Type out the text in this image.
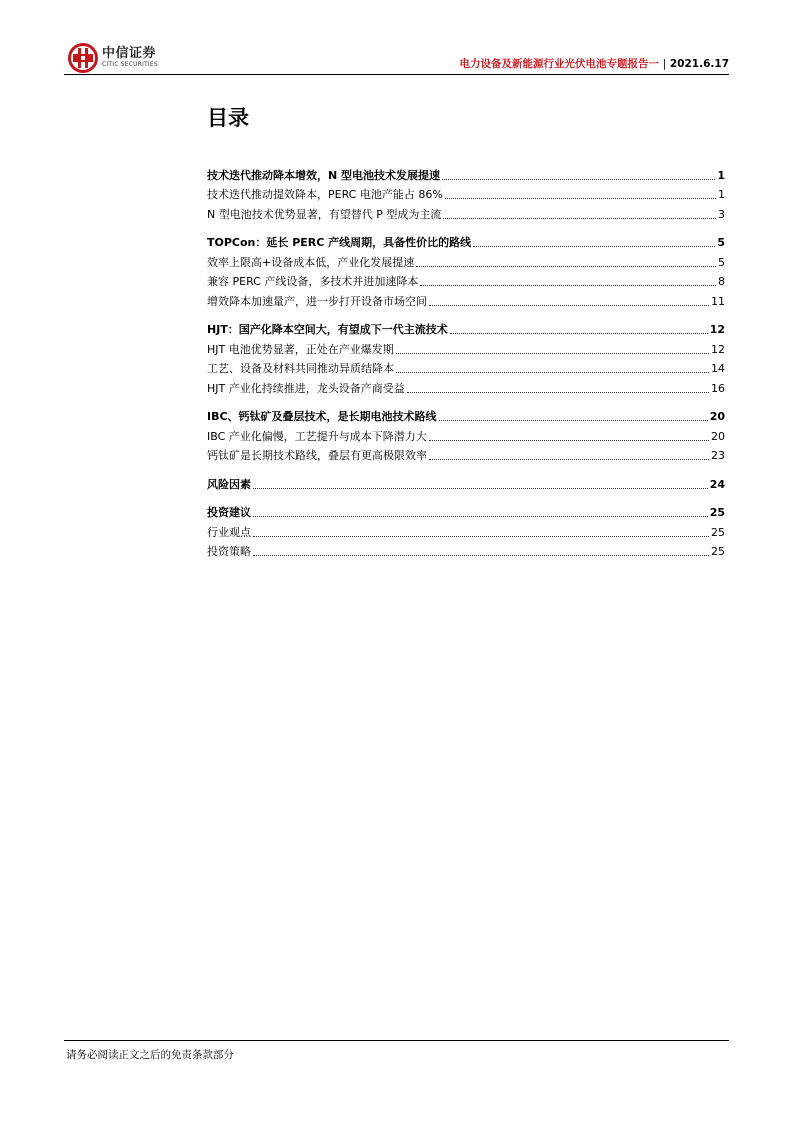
中信证券
CITIC SECURITIES	电力设备及新能源行业光伏电池专题报告一 | 2021.6.17
目录
技术迭代推动降本增效，N 型电池技术发展提速	1
技术迭代推动提效降本，PERC 电池产能占 86%	1
N 型电池技术优势显著，有望替代 P 型成为主流	3
TOPCon：延长 PERC 产线周期，具备性价比的路线	5
效率上限高+设备成本低，产业化发展提速	5
兼容 PERC 产线设备，多技术并进加速降本	8
增效降本加速量产，进一步打开设备市场空间	11
HJT：国产化降本空间大，有望成下一代主流技术	12
HJT 电池优势显著，正处在产业爆发期	12
工艺、设备及材料共同推动异质结降本	14
HJT 产业化持续推进，龙头设备产商受益	16
IBC、钙钛矿及叠层技术，是长期电池技术路线	20
IBC 产业化偏慢，工艺提升与成本下降潜力大	20
钙钛矿是长期技术路线，叠层有更高极限效率	23
风险因素	24
投资建议	25
行业观点	25
投资策略	25
请务必阅读正文之后的免责条款部分
